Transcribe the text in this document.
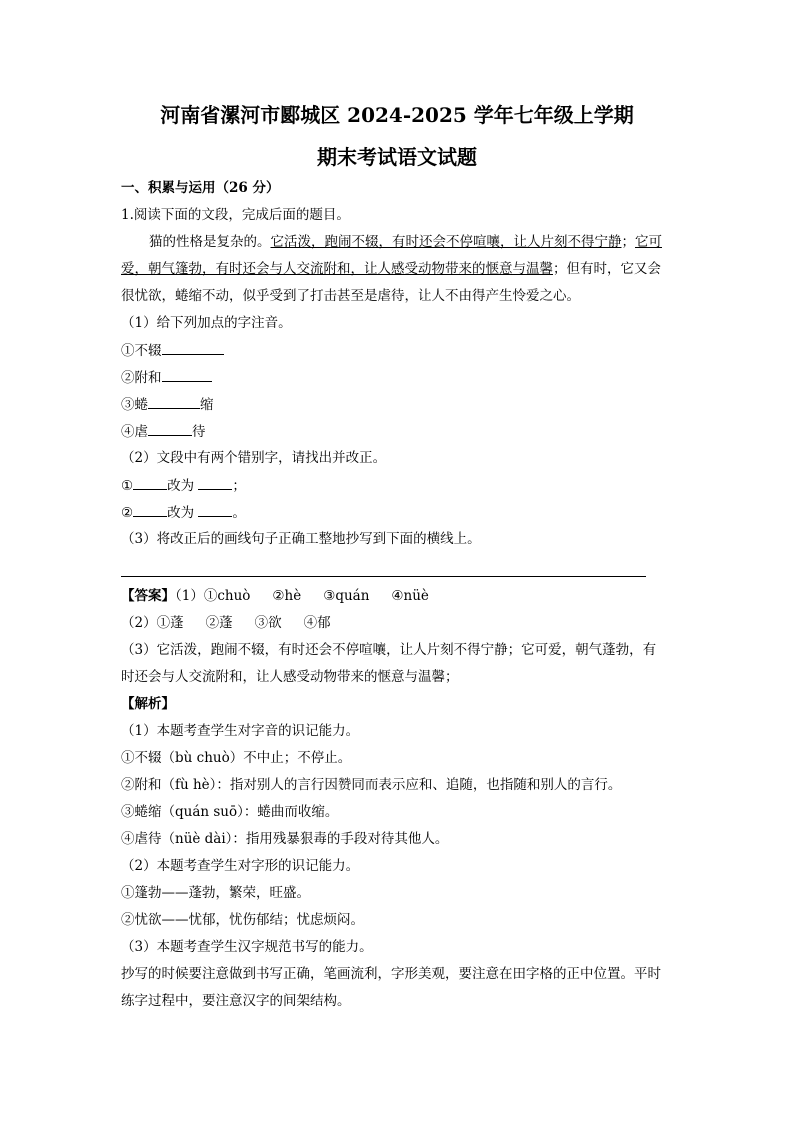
河南省漯河市郾城区 2024-2025 学年七年级上学期
期末考试语文试题
一、积累与运用（26 分）
1.阅读下面的文段，完成后面的题目。
猫的性格是复杂的。它活泼，跑闹不辍，有时还会不停喧嚷，让人片刻不得宁静；它可
爱，朝气篷勃，有时还会与人交流附和，让人感受动物带来的惬意与温馨；但有时，它又会
很忧欲，蜷缩不动，似乎受到了打击甚至是虐待，让人不由得产生怜爱之心。
（1）给下列加点的字注音。
①不辍
②附和
③蜷	缩
④虐	待
（2）文段中有两个错别字，请找出并改正。
①	改为	；
②	改为	。
（3）将改正后的画线句子正确工整地抄写到下面的横线上。
【答案】（1）①chuò ②hè ③quán ④nüè
（2）①蓬 ②蓬 ③欲 ④郁
（3）它活泼，跑闹不辍，有时还会不停喧嚷，让人片刻不得宁静；它可爱，朝气蓬勃，有
时还会与人交流附和，让人感受动物带来的惬意与温馨；
【解析】
（1）本题考查学生对字音的识记能力。
①不辍（bù chuò）不中止；不停止。
②附和（fù hè）：指对别人的言行因赞同而表示应和、追随，也指随和别人的言行。
③蜷缩（quán suō）：蜷曲而收缩。
④虐待（nüè dài）：指用残暴狠毒的手段对待其他人。
（2）本题考查学生对字形的识记能力。
①篷勃——蓬勃，繁荣，旺盛。
②忧欲——忧郁，忧伤郁结；忧虑烦闷。
（3）本题考查学生汉字规范书写的能力。
抄写的时候要注意做到书写正确，笔画流利，字形美观，要注意在田字格的正中位置。平时
练字过程中，要注意汉字的间架结构。
